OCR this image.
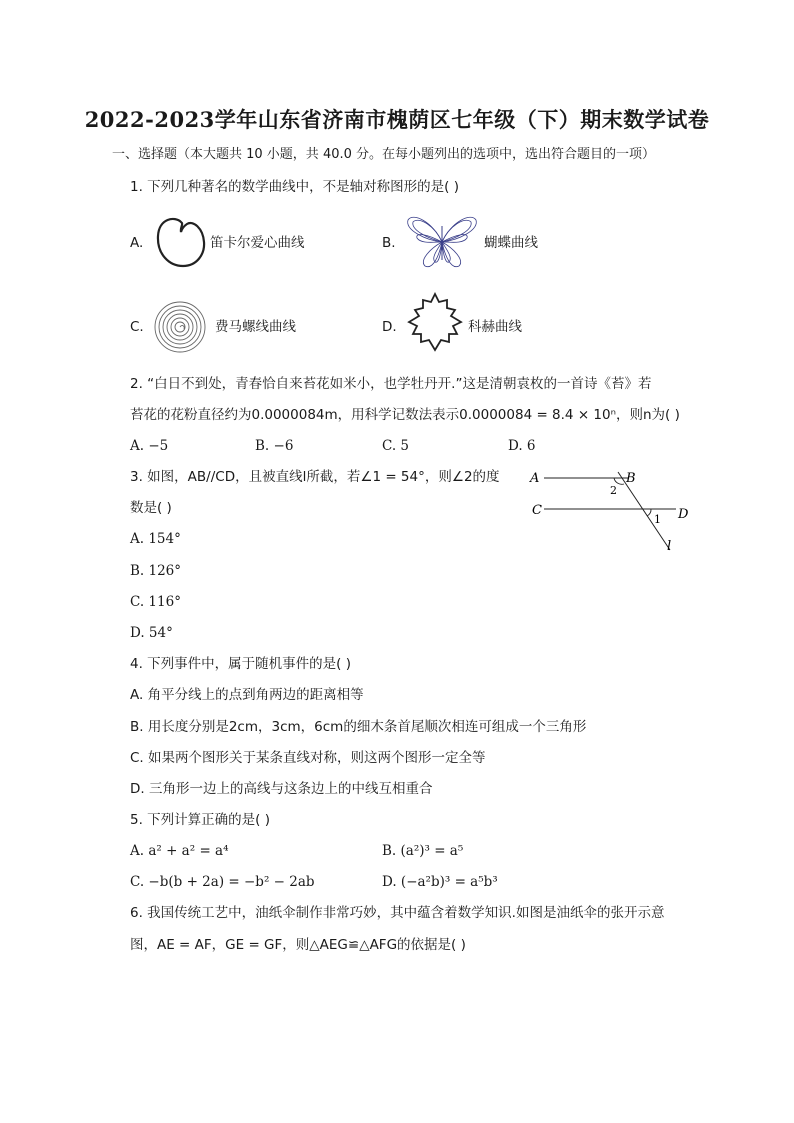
2022-2023学年山东省济南市槐荫区七年级（下）期末数学试卷
一、选择题（本大题共 10 小题，共 40.0 分。在每小题列出的选项中，选出符合题目的一项）
1. 下列几种著名的数学曲线中，不是轴对称图形的是( )
A.	笛卡尔爱心曲线	B.	蝴蝶曲线
C.	费马螺线曲线	D.	科赫曲线
2. “白日不到处，青春恰自来苔花如米小，也学牡丹开.”这是清朝袁枚的一首诗《苔》若
苔花的花粉直径约为0.0000084m，用科学记数法表示0.0000084 = 8.4 × 10ⁿ，则n为( )
A. −5	B. −6	C. 5	D. 6
3. 如图，AB//CD，且被直线l所截，若∠1 = 54°，则∠2的度
数是( )
A. 154°
B. 126°
C. 116°
D. 54°
A	B
C	D
l
1
2
4. 下列事件中，属于随机事件的是( )
A. 角平分线上的点到角两边的距离相等
B. 用长度分别是2cm，3cm，6cm的细木条首尾顺次相连可组成一个三角形
C. 如果两个图形关于某条直线对称，则这两个图形一定全等
D. 三角形一边上的高线与这条边上的中线互相重合
5. 下列计算正确的是( )
A. a² + a² = a⁴	B. (a²)³ = a⁵
C. −b(b + 2a) = −b² − 2ab	D. (−a²b)³ = a⁵b³
6. 我国传统工艺中，油纸伞制作非常巧妙，其中蕴含着数学知识.如图是油纸伞的张开示意
图，AE = AF，GE = GF，则△AEG≌△AFG的依据是( )
